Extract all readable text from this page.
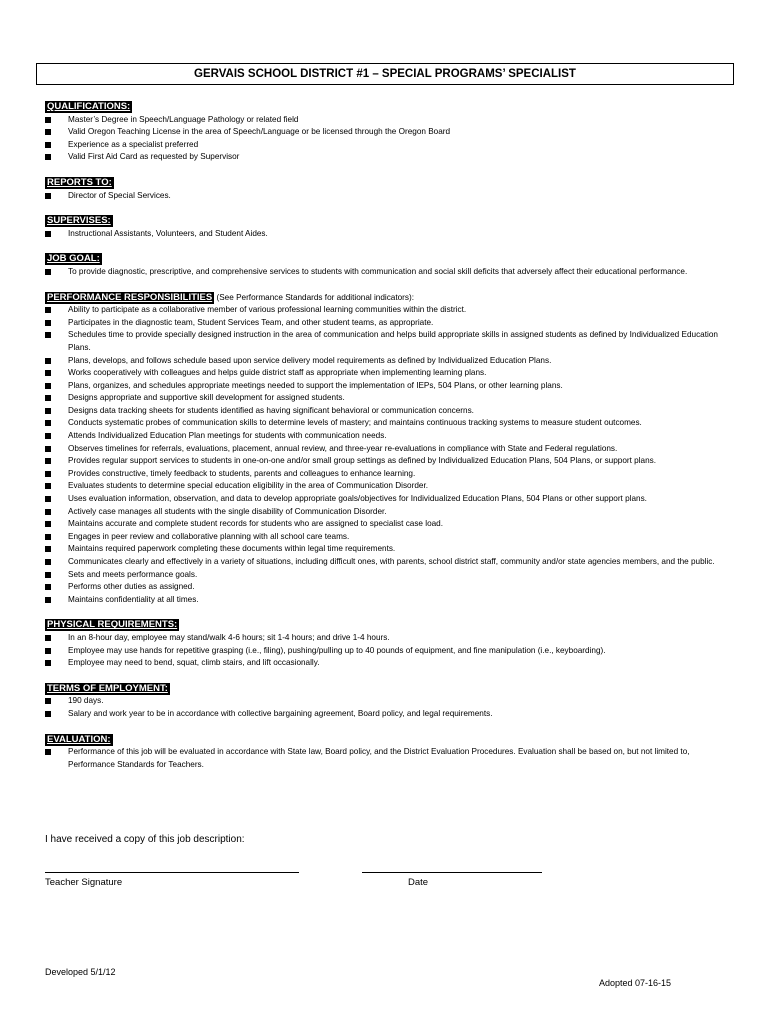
GERVAIS SCHOOL DISTRICT #1 – SPECIAL PROGRAMS’ SPECIALIST
QUALIFICATIONS:
Master’s Degree in Speech/Language Pathology or related field
Valid Oregon Teaching License in the area of Speech/Language or be licensed through the Oregon Board
Experience as a specialist preferred
Valid First Aid Card as requested by Supervisor
REPORTS TO:
Director of Special Services.
SUPERVISES:
Instructional Assistants, Volunteers, and Student Aides.
JOB GOAL:
To provide diagnostic, prescriptive, and comprehensive services to students with communication and social skill deficits that adversely affect their educational performance.
PERFORMANCE RESPONSIBILITIES (See Performance Standards for additional indicators):
Ability to participate as a collaborative member of various professional learning communities within the district.
Participates in the diagnostic team, Student Services Team, and other student teams, as appropriate.
Schedules time to provide specially designed instruction in the area of communication and helps build appropriate skills in assigned students as defined by Individualized Education Plans.
Plans, develops, and follows schedule based upon service delivery model requirements as defined by Individualized Education Plans.
Works cooperatively with colleagues and helps guide district staff as appropriate when implementing learning plans.
Plans, organizes, and schedules appropriate meetings needed to support the implementation of IEPs, 504 Plans, or other learning plans.
Designs appropriate and supportive skill development for assigned students.
Designs data tracking sheets for students identified as having significant behavioral or communication concerns.
Conducts systematic probes of communication skills to determine levels of mastery; and maintains continuous tracking systems to measure student outcomes.
Attends Individualized Education Plan meetings for students with communication needs.
Observes timelines for referrals, evaluations, placement, annual review, and three-year re-evaluations in compliance with State and Federal regulations.
Provides regular support services to students in one-on-one and/or small group settings as defined by Individualized Education Plans, 504 Plans, or support plans.
Provides constructive, timely feedback to students, parents and colleagues to enhance learning.
Evaluates students to determine special education eligibility in the area of Communication Disorder.
Uses evaluation information, observation, and data to develop appropriate goals/objectives for Individualized Education Plans, 504 Plans or other support plans.
Actively case manages all students with the single disability of Communication Disorder.
Maintains accurate and complete student records for students who are assigned to specialist case load.
Engages in peer review and collaborative planning with all school care teams.
Maintains required paperwork completing these documents within legal time requirements.
Communicates clearly and effectively in a variety of situations, including difficult ones, with parents, school district staff, community and/or state agencies members, and the public.
Sets and meets performance goals.
Performs other duties as assigned.
Maintains confidentiality at all times.
PHYSICAL REQUIREMENTS:
In an 8-hour day, employee may stand/walk 4-6 hours; sit 1-4 hours; and drive 1-4 hours.
Employee may use hands for repetitive grasping (i.e., filing), pushing/pulling up to 40 pounds of equipment, and fine manipulation (i.e., keyboarding).
Employee may need to bend, squat, climb stairs, and lift occasionally.
TERMS OF EMPLOYMENT:
190 days.
Salary and work year to be in accordance with collective bargaining agreement, Board policy, and legal requirements.
EVALUATION:
Performance of this job will be evaluated in accordance with State law, Board policy, and the District Evaluation Procedures. Evaluation shall be based on, but not limited to, Performance Standards for Teachers.
I have received a copy of this job description:
Teacher Signature	Date
Developed 5/1/12
Adopted 07-16-15
